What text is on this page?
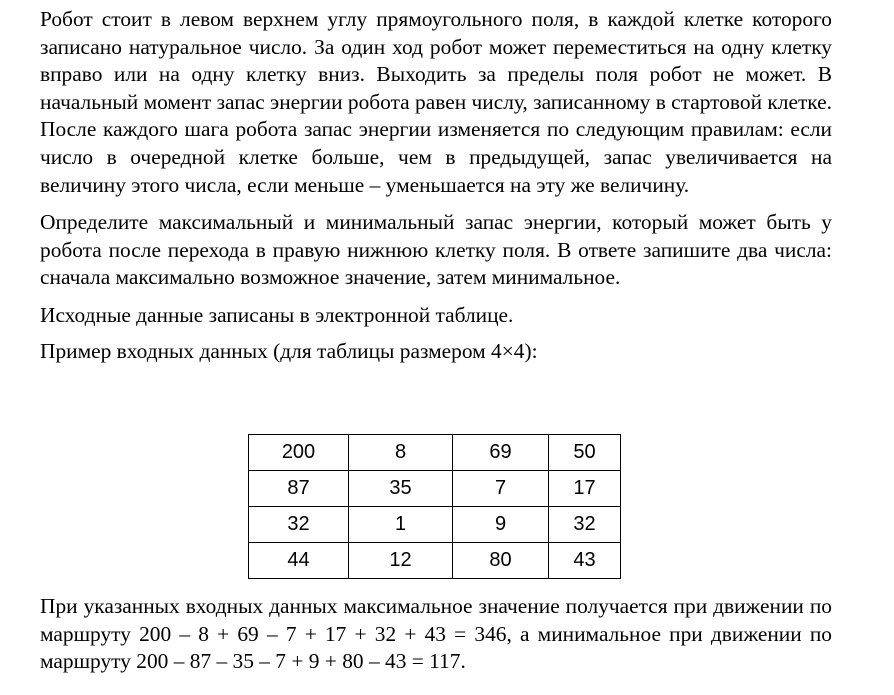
Робот стоит в левом верхнем углу прямоугольного поля, в каждой клетке которого записано натуральное число. За один ход робот может переместиться на одну клетку вправо или на одну клетку вниз. Выходить за пределы поля робот не может. В начальный момент запас энергии робота равен числу, записанному в стартовой клетке. После каждого шага робота запас энергии изменяется по следующим правилам: если число в очередной клетке больше, чем в предыдущей, запас увеличивается на величину этого числа, если меньше – уменьшается на эту же величину.

Определите максимальный и минимальный запас энергии, который может быть у робота после перехода в правую нижнюю клетку поля. В ответе запишите два числа: сначала максимально возможное значение, затем минимальное.

Исходные данные записаны в электронной таблице.

Пример входных данных (для таблицы размером 4×4):

200	8	69	50
87	35	7	17
32	1	9	32
44	12	80	43

При указанных входных данных максимальное значение получается при движении по маршруту 200 – 8 + 69 – 7 + 17 + 32 + 43 = 346, а минимальное при движении по маршруту 200 – 87 – 35 – 7 + 9 + 80 – 43 = 117.
